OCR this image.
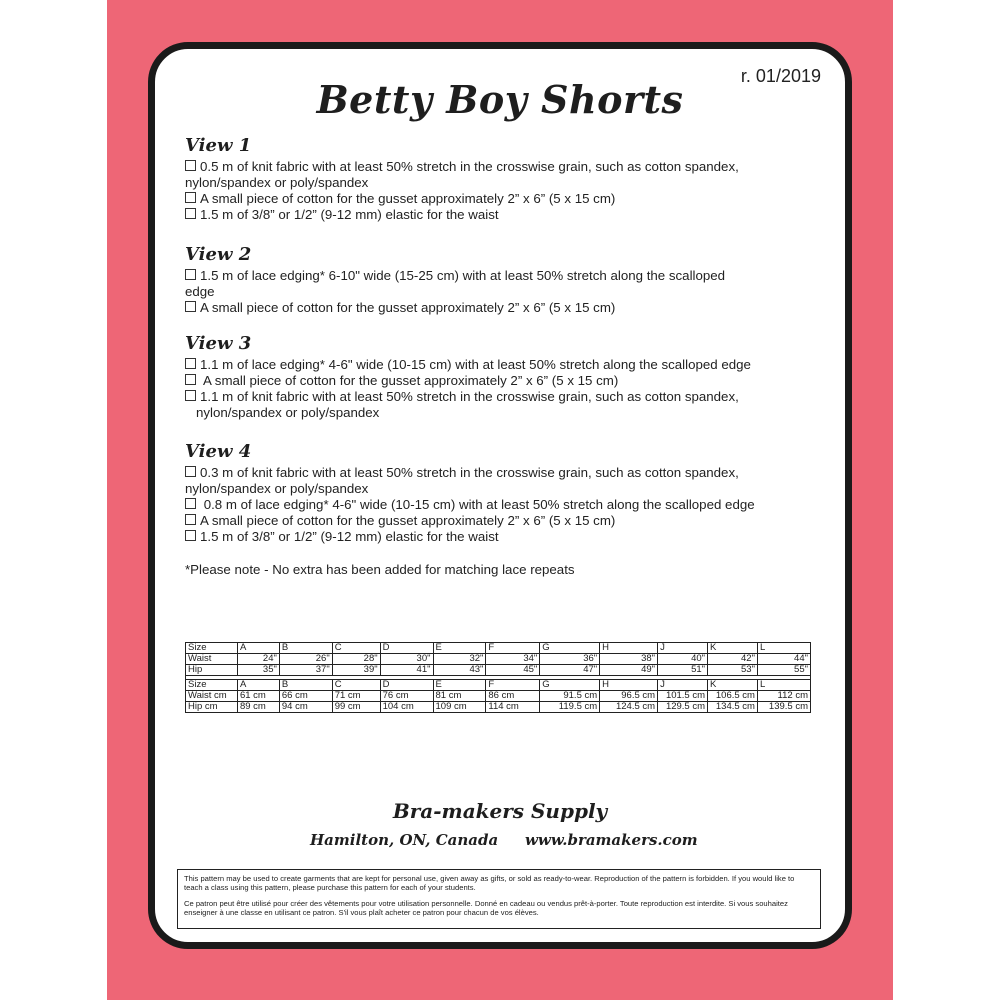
r. 01/2019
Betty Boy Shorts
View 1
0.5 m of knit fabric with at least 50% stretch in the crosswise grain, such as cotton spandex,
nylon/spandex or poly/spandex
A small piece of cotton for the gusset approximately 2” x 6” (5 x 15 cm)
1.5 m of 3/8” or 1/2” (9-12 mm) elastic for the waist
View 2
1.5 m of lace edging* 6-10" wide (15-25 cm) with at least 50% stretch along the scalloped
edge
A small piece of cotton for the gusset approximately 2” x 6” (5 x 15 cm)
View 3
1.1 m of lace edging* 4-6" wide (10-15 cm) with at least 50% stretch along the scalloped edge
A small piece of cotton for the gusset approximately 2” x 6” (5 x 15 cm)
1.1 m of knit fabric with at least 50% stretch in the crosswise grain, such as cotton spandex,
nylon/spandex or poly/spandex
View 4
0.3 m of knit fabric with at least 50% stretch in the crosswise grain, such as cotton spandex,
nylon/spandex or poly/spandex
0.8 m of lace edging* 4-6" wide (10-15 cm) with at least 50% stretch along the scalloped edge
A small piece of cotton for the gusset approximately 2” x 6” (5 x 15 cm)
1.5 m of 3/8” or 1/2” (9-12 mm) elastic for the waist
*Please note - No extra has been added for matching lace repeats
Size	A	B	C	D	E	F	G	H	J	K	L
Waist	24"	26"	28"	30"	32"	34"	36"	38"	40"	42"	44"
Hip	35"	37"	39"	41"	43"	45"	47"	49"	51"	53"	55"

Size	A	B	C	D	E	F	G	H	J	K	L
Waist cm	61 cm	66 cm	71 cm	76 cm	81 cm	86 cm	91.5 cm	96.5 cm	101.5 cm	106.5 cm	112 cm
Hip cm	89 cm	94 cm	99 cm	104 cm	109 cm	114 cm	119.5 cm	124.5 cm	129.5 cm	134.5 cm	139.5 cm
Bra-makers Supply
Hamilton, ON, Canada www.bramakers.com

This pattern may be used to create garments that are kept for personal use, given away as gifts, or sold as ready-to-wear. Reproduction of the pattern is forbidden. If you would like to teach a class using this pattern, please purchase this pattern for each of your students.

Ce patron peut être utilisé pour créer des vêtements pour votre utilisation personnelle. Donné en cadeau ou vendus prêt-à-porter. Toute reproduction est interdite. Si vous souhaitez enseigner à une classe en utilisant ce patron. S'il vous plaît acheter ce patron pour chacun de vos élèves.
